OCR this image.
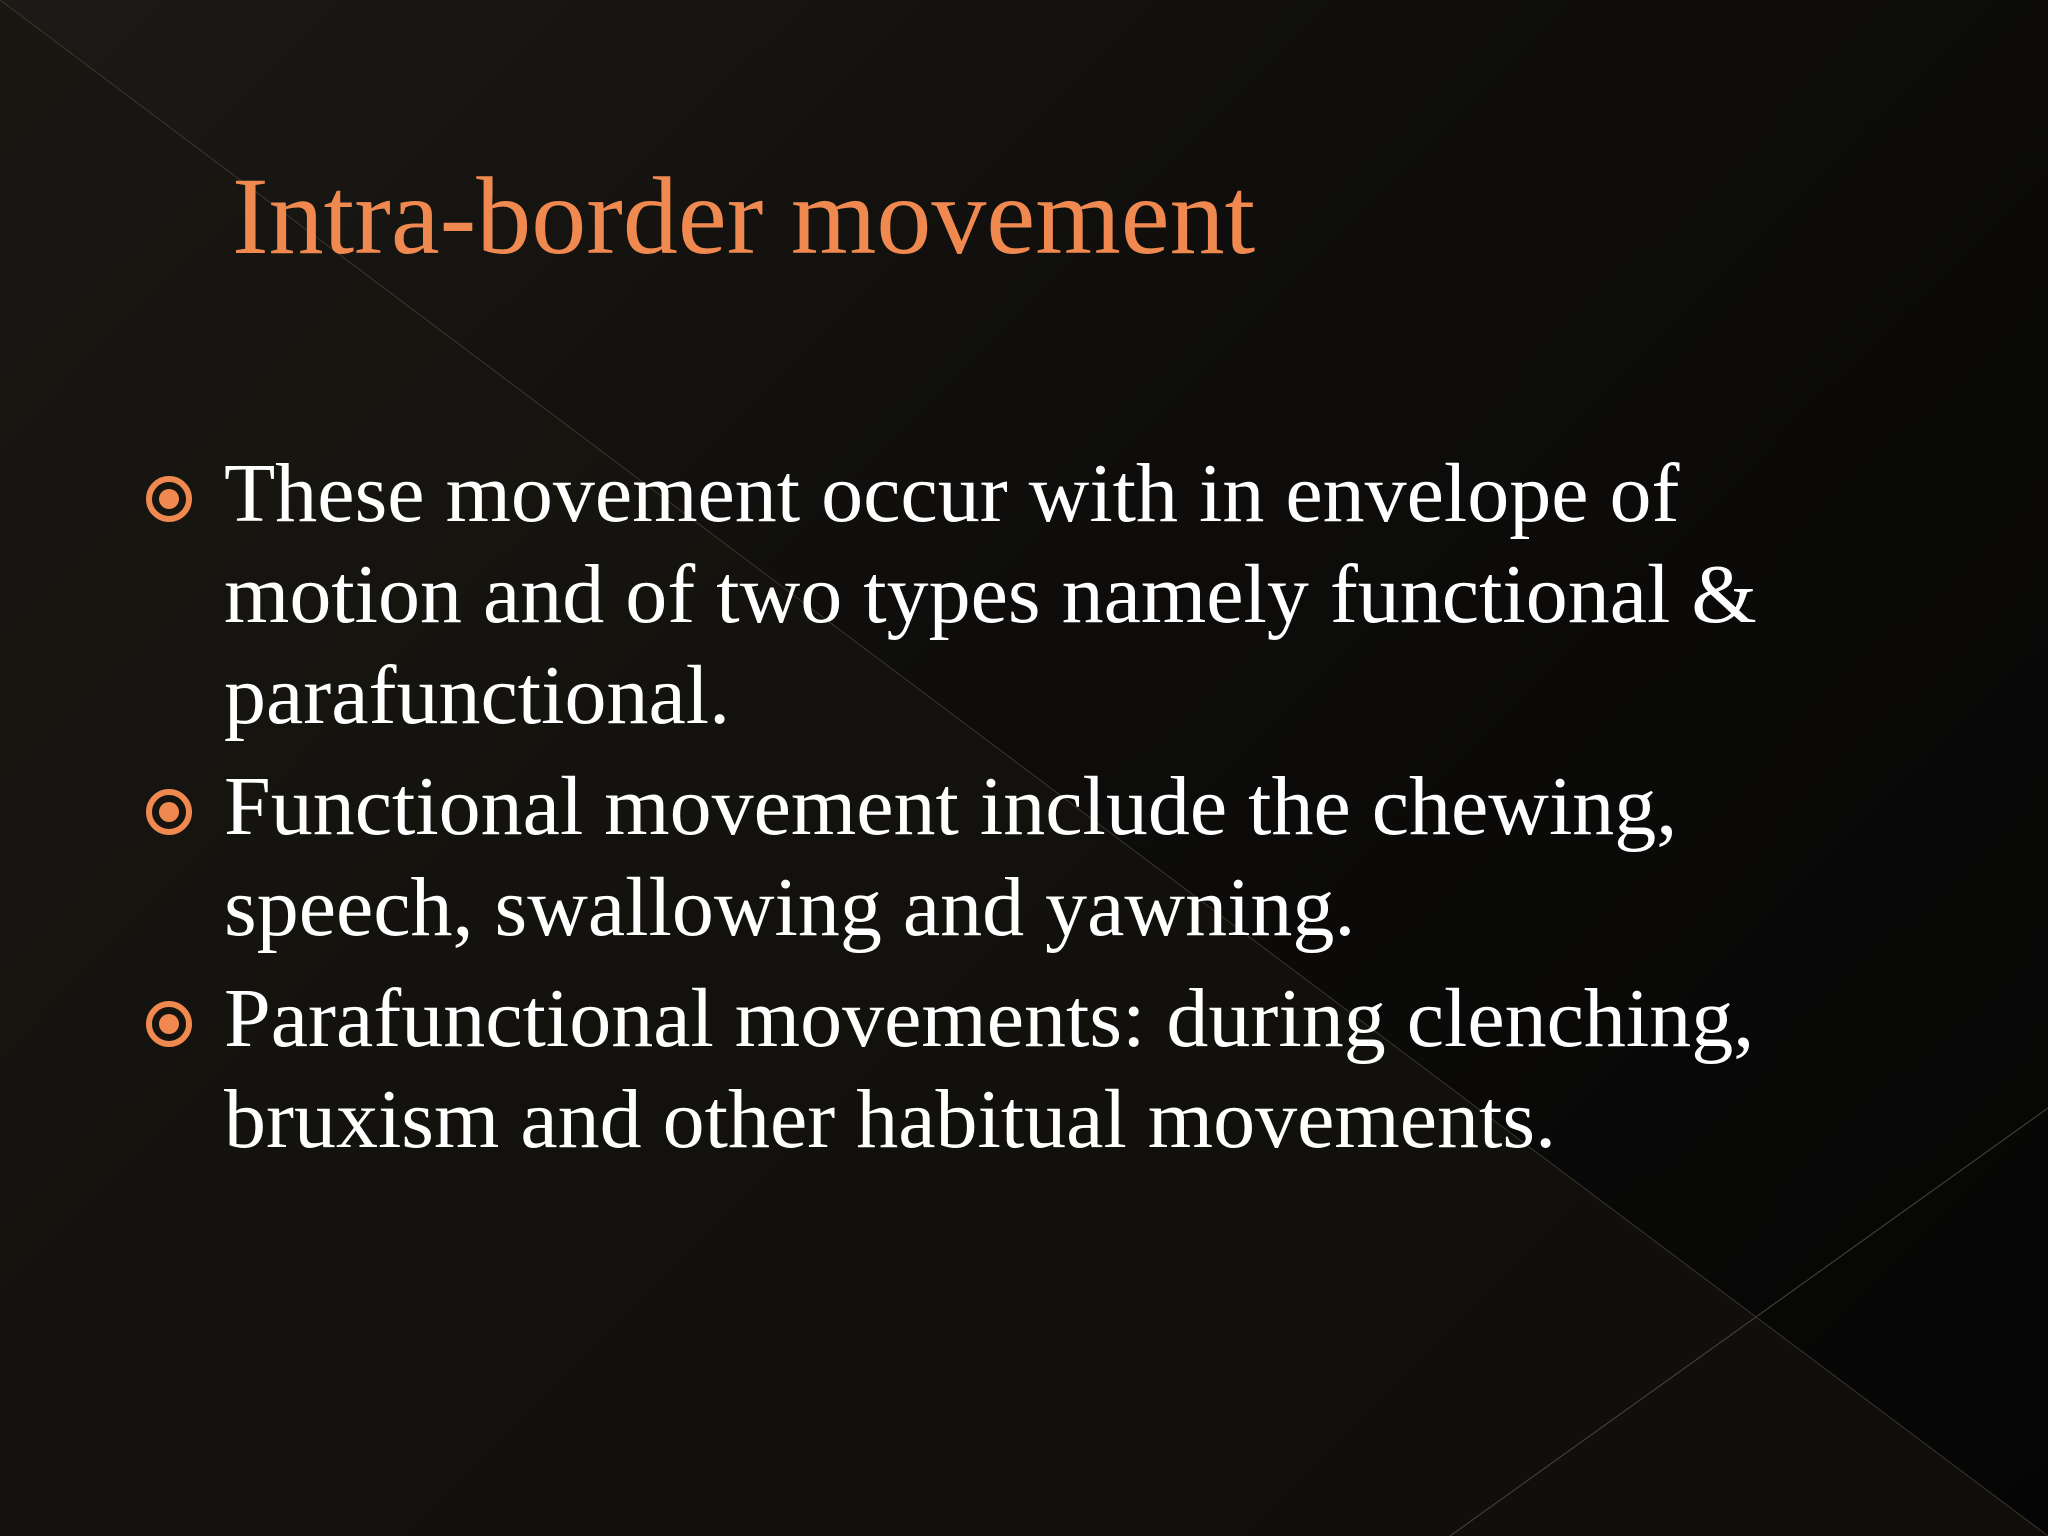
Intra-border movement
These movement occur with in envelope of
motion and of two types namely functional &
parafunctional.
Functional movement include the chewing,
speech, swallowing and yawning.
Parafunctional movements: during clenching,
bruxism and other habitual movements.
